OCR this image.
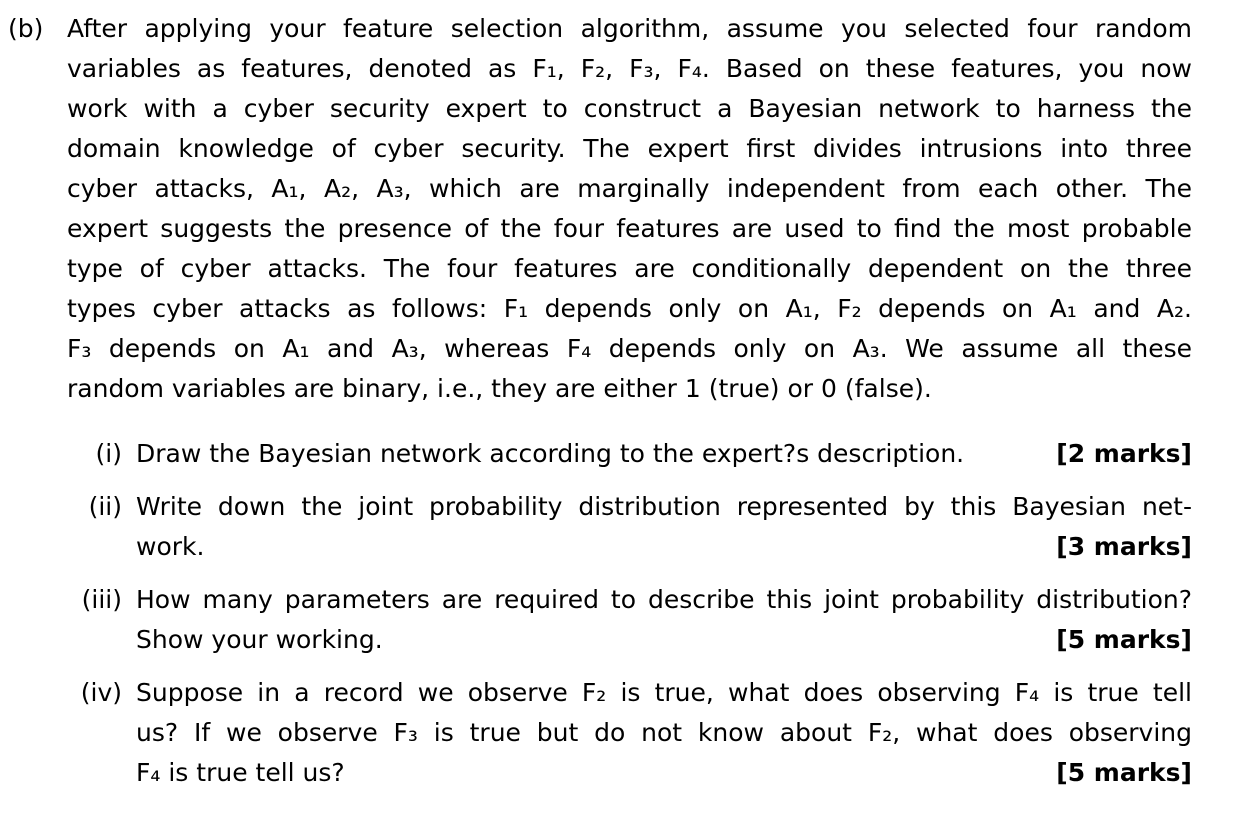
(b) After applying your feature selection algorithm, assume you selected four random
variables as features, denoted as F₁, F₂, F₃, F₄. Based on these features, you now
work with a cyber security expert to construct a Bayesian network to harness the
domain knowledge of cyber security. The expert first divides intrusions into three
cyber attacks, A₁, A₂, A₃, which are marginally independent from each other. The
expert suggests the presence of the four features are used to find the most probable
type of cyber attacks. The four features are conditionally dependent on the three
types cyber attacks as follows: F₁ depends only on A₁, F₂ depends on A₁ and A₂.
F₃ depends on A₁ and A₃, whereas F₄ depends only on A₃. We assume all these
random variables are binary, i.e., they are either 1 (true) or 0 (false).
(i) Draw the Bayesian network according to the expert?s description.	[2 marks]
(ii) Write down the joint probability distribution represented by this Bayesian net-
work.	[3 marks]
(iii) How many parameters are required to describe this joint probability distribution?
Show your working.	[5 marks]
(iv) Suppose in a record we observe F₂ is true, what does observing F₄ is true tell
us? If we observe F₃ is true but do not know about F₂, what does observing
F₄ is true tell us?	[5 marks]
